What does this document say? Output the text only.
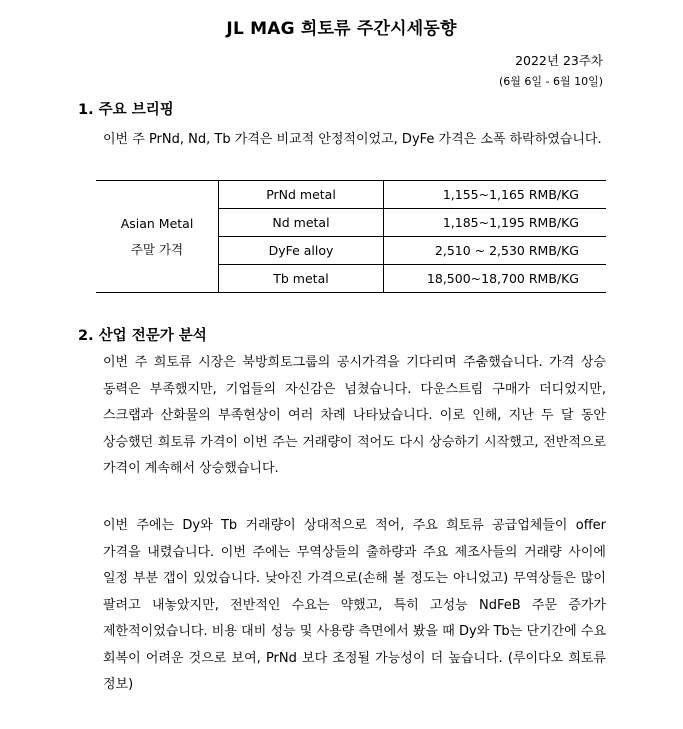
JL MAG 희토류 주간시세동향
2022년 23주차
(6월 6일 - 6월 10일)
1. 주요 브리핑
이번 주 PrNd, Nd, Tb 가격은 비교적 안정적이었고, DyFe 가격은 소폭 하락하였습니다.
Asian Metal
주말 가격	PrNd metal	1,155~1,165 RMB/KG
	Nd metal	1,185~1,195 RMB/KG
	DyFe alloy	2,510 ~ 2,530 RMB/KG
	Tb metal	18,500~18,700 RMB/KG
2. 산업 전문가 분석
이번 주 희토류 시장은 북방희토그룹의 공시가격을 기다리며 주춤했습니다. 가격 상승 동력은 부족했지만, 기업들의 자신감은 넘쳤습니다. 다운스트림 구매가 더디었지만, 스크랩과 산화물의 부족현상이 여러 차례 나타났습니다. 이로 인해, 지난 두 달 동안 상승했던 희토류 가격이 이번 주는 거래량이 적어도 다시 상승하기 시작했고, 전반적으로 가격이 계속해서 상승했습니다.
이번 주에는 Dy와 Tb 거래량이 상대적으로 적어, 주요 희토류 공급업체들이 offer 가격을 내렸습니다. 이번 주에는 무역상들의 출하량과 주요 제조사들의 거래량 사이에 일정 부분 갭이 있었습니다. 낮아진 가격으로(손해 볼 정도는 아니었고) 무역상들은 많이 팔려고 내놓았지만, 전반적인 수요는 약했고, 특히 고성능 NdFeB 주문 증가가 제한적이었습니다. 비용 대비 성능 및 사용량 측면에서 봤을 때 Dy와 Tb는 단기간에 수요 회복이 어려운 것으로 보여, PrNd 보다 조정될 가능성이 더 높습니다. (루이다오 희토류 정보)
